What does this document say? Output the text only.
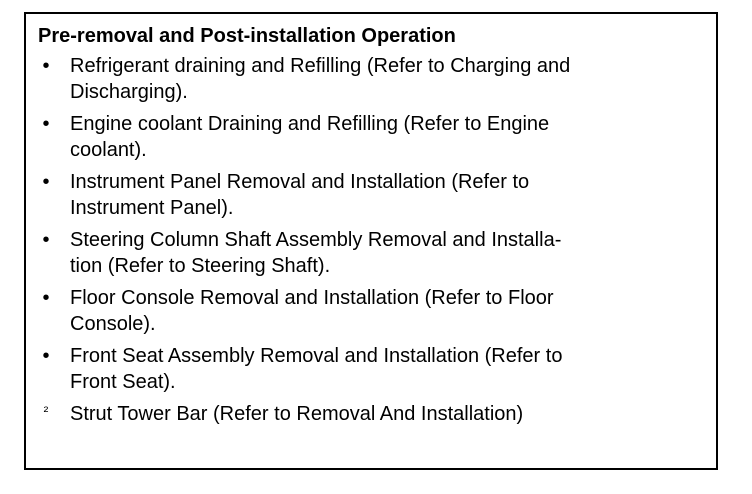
Pre-removal and Post-installation Operation
• Refrigerant draining and Refilling (Refer to Charging and
Discharging).
• Engine coolant Draining and Refilling (Refer to Engine
coolant).
• Instrument Panel Removal and Installation (Refer to
Instrument Panel).
• Steering Column Shaft Assembly Removal and Installa-
tion (Refer to Steering Shaft).
• Floor Console Removal and Installation (Refer to Floor
Console).
• Front Seat Assembly Removal and Installation (Refer to
Front Seat).
² Strut Tower Bar (Refer to Removal And Installation)
